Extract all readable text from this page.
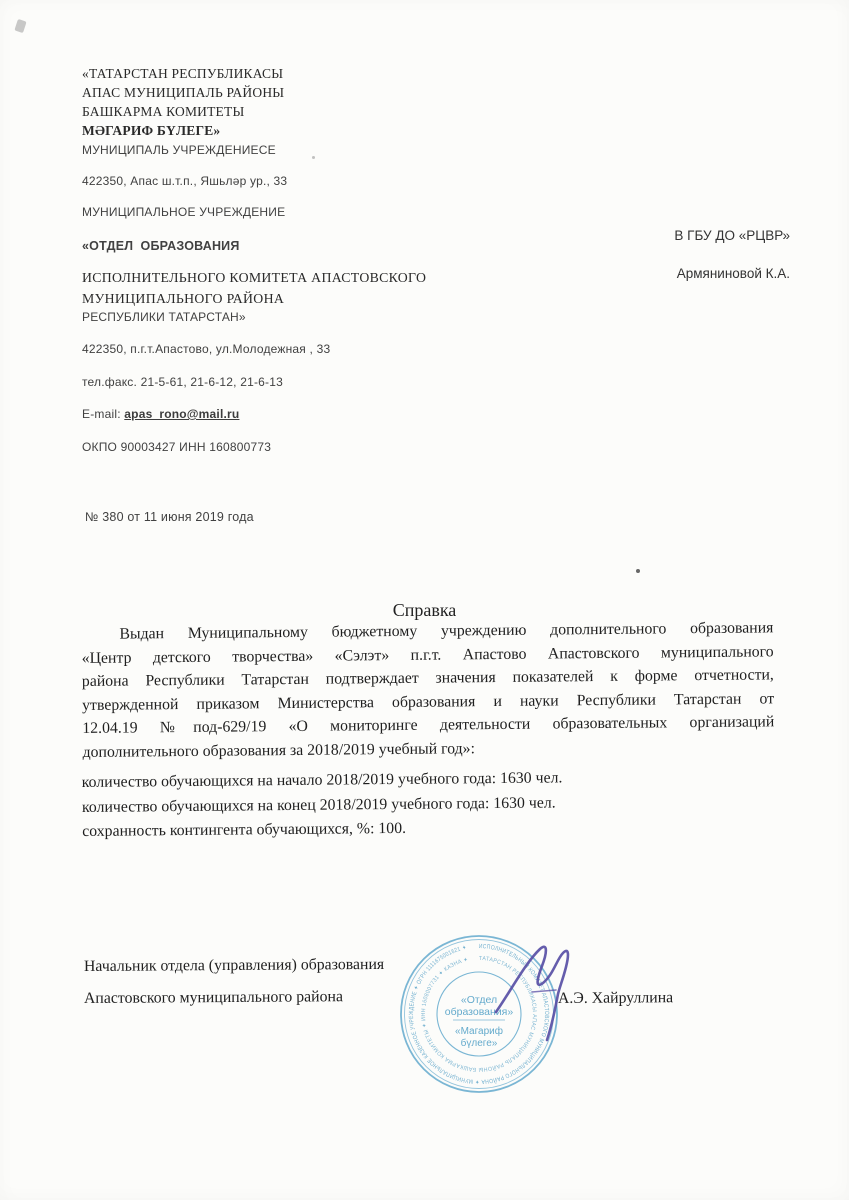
«ТАТАРСТАН РЕСПУБЛИКАСЫ
АПАС МУНИЦИПАЛЬ РАЙОНЫ
БАШКАРМА КОМИТЕТЫ
МӘГАРИФ БҮЛЕГЕ»
МУНИЦИПАЛЬ УЧРЕЖДЕНИЕСЕ
422350, Апас ш.т.п., Яшьләр ур., 33
МУНИЦИПАЛЬНОЕ УЧРЕЖДЕНИЕ
«ОТДЕЛ  ОБРАЗОВАНИЯ
ИСПОЛНИТЕЛЬНОГО КОМИТЕТА АПАСТОВСКОГО
МУНИЦИПАЛЬНОГО РАЙОНА
РЕСПУБЛИКИ ТАТАРСТАН»
422350, п.г.т.Апастово, ул.Молодежная , 33
тел.факс. 21-5-61, 21-6-12, 21-6-13
E-mail: apas_rono@mail.ru
ОКПО 90003427 ИНН 160800773
В ГБУ ДО «РЦВР»
Армяниновой К.А.
№ 380 от 11 июня 2019 года
Справка
Выдан Муниципальному бюджетному учреждению дополнительного образования
«Центр детского творчества» «Сэлэт» п.г.т. Апастово Апастовского муниципального
района Республики Татарстан подтверждает значения показателей к форме отчетности,
утвержденной приказом Министерства образования и науки Республики Татарстан от
12.04.19 №под-629/19 «О мониторинге деятельности образовательных организаций
дополнительного образования за 2018/2019 учебный год»:
количество обучающихся на начало 2018/2019 учебного года: 1630 чел.
количество обучающихся на конец 2018/2019 учебного года: 1630 чел.
сохранность контингента обучающихся, %: 100.
Начальник отдела (управления) образования
Апастовского муниципального района	А.Э. Хайруллина
ИСПОЛНИТЕЛЬНЫЙ КОМИТЕТ АПАСТОВСКОГО МУНИЦИПАЛЬНОГО РАЙОНА ✦ МУНИЦИПАЛЬНОЕ КАЗЕННОЕ УЧРЕЖДЕНИЕ ✦ ОГРН 1111675001621 ✦
ТАТАРСТАН РЕСПУБЛИКАСЫ АПАС МУНИЦИПАЛЬ РАЙОНЫ БАШКАРМА КОМИТЕТЫ ✦ ИНН 1608007731 ✦ КАЗНА ✦
«Отдел
образования»
«Магариф
бүлеге»
